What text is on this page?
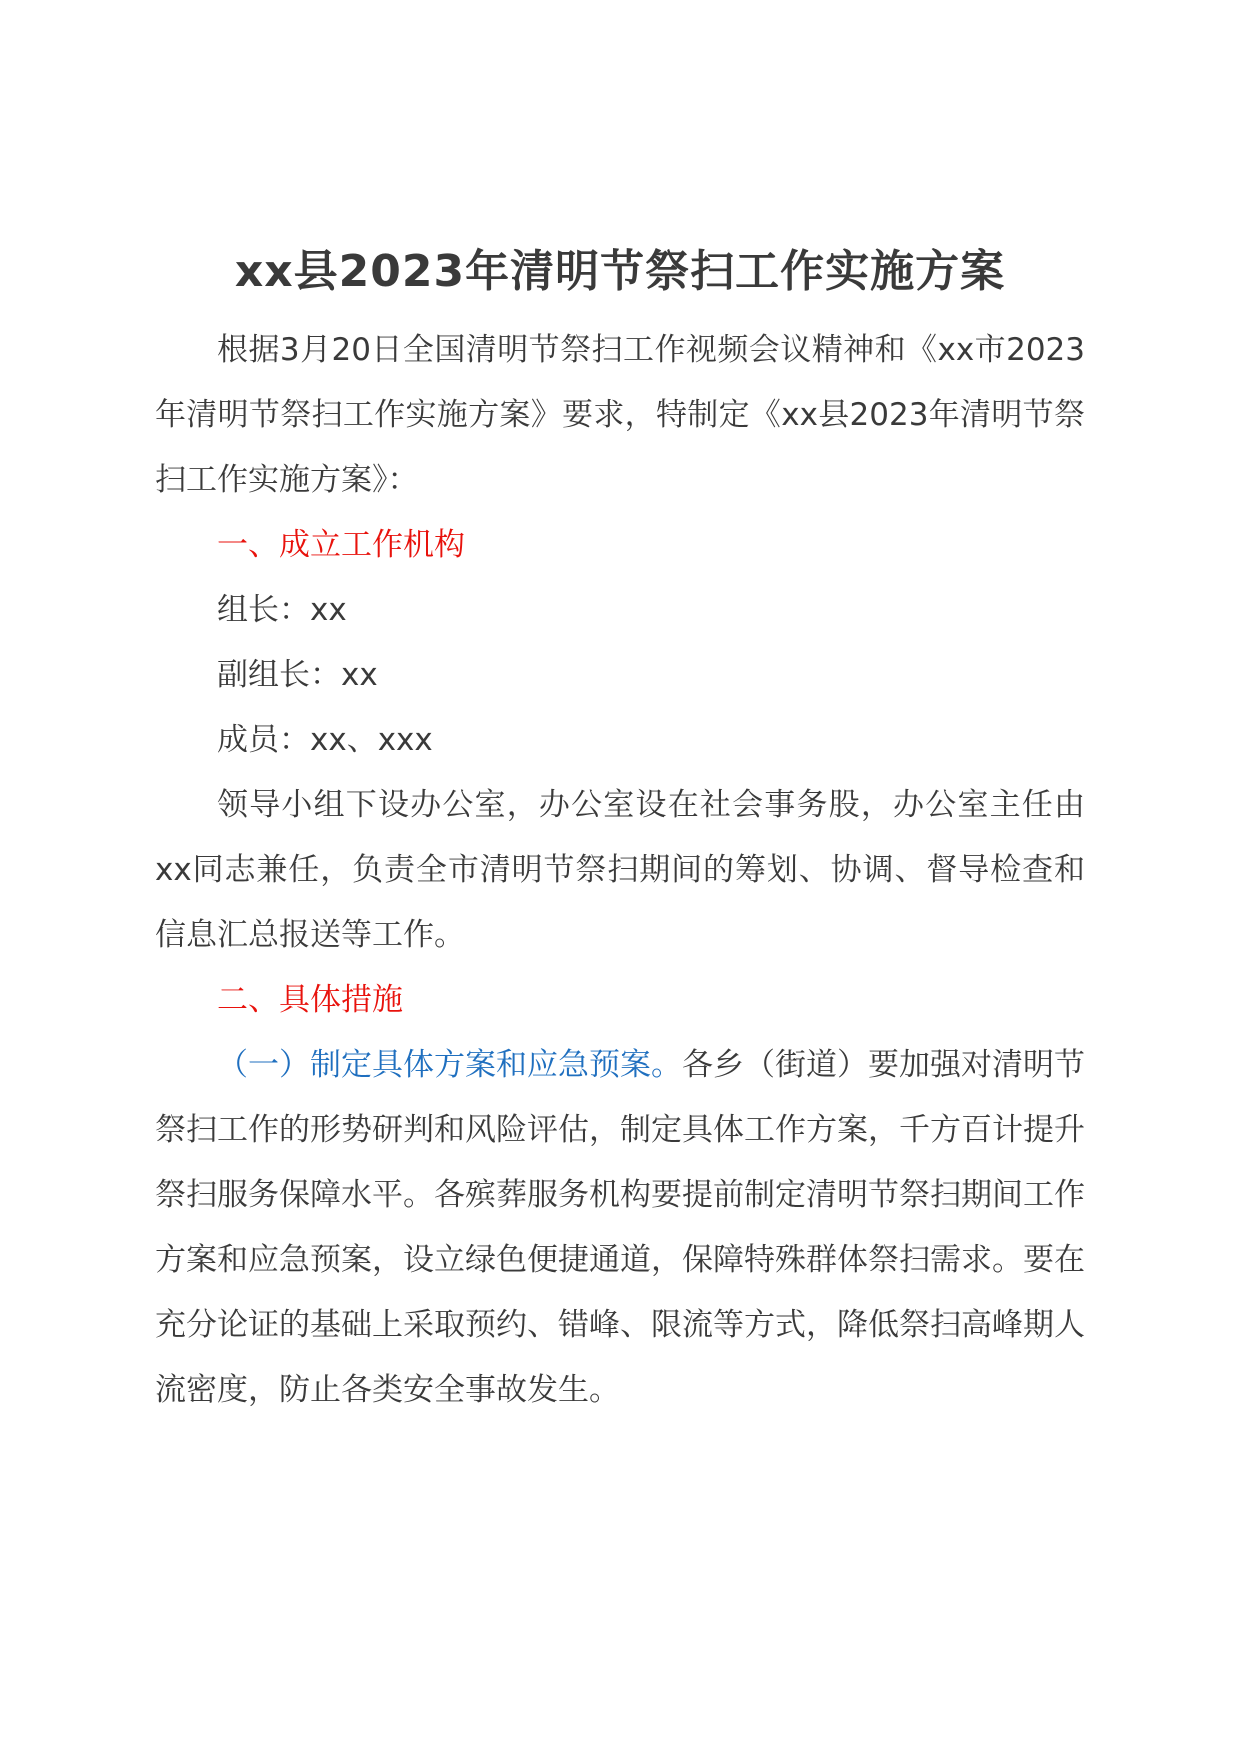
xx县2023年清明节祭扫工作实施方案

根据3月20日全国清明节祭扫工作视频会议精神和《xx市2023年清明节祭扫工作实施方案》要求，特制定《xx县2023年清明节祭扫工作实施方案》：

一、成立工作机构

组长：xx

副组长：xx

成员：xx、xxx

领导小组下设办公室，办公室设在社会事务股，办公室主任由xx同志兼任，负责全市清明节祭扫期间的筹划、协调、督导检查和信息汇总报送等工作。

二、具体措施

（一）制定具体方案和应急预案。各乡（街道）要加强对清明节祭扫工作的形势研判和风险评估，制定具体工作方案，千方百计提升祭扫服务保障水平。各殡葬服务机构要提前制定清明节祭扫期间工作方案和应急预案，设立绿色便捷通道，保障特殊群体祭扫需求。要在充分论证的基础上采取预约、错峰、限流等方式，降低祭扫高峰期人流密度，防止各类安全事故发生。
